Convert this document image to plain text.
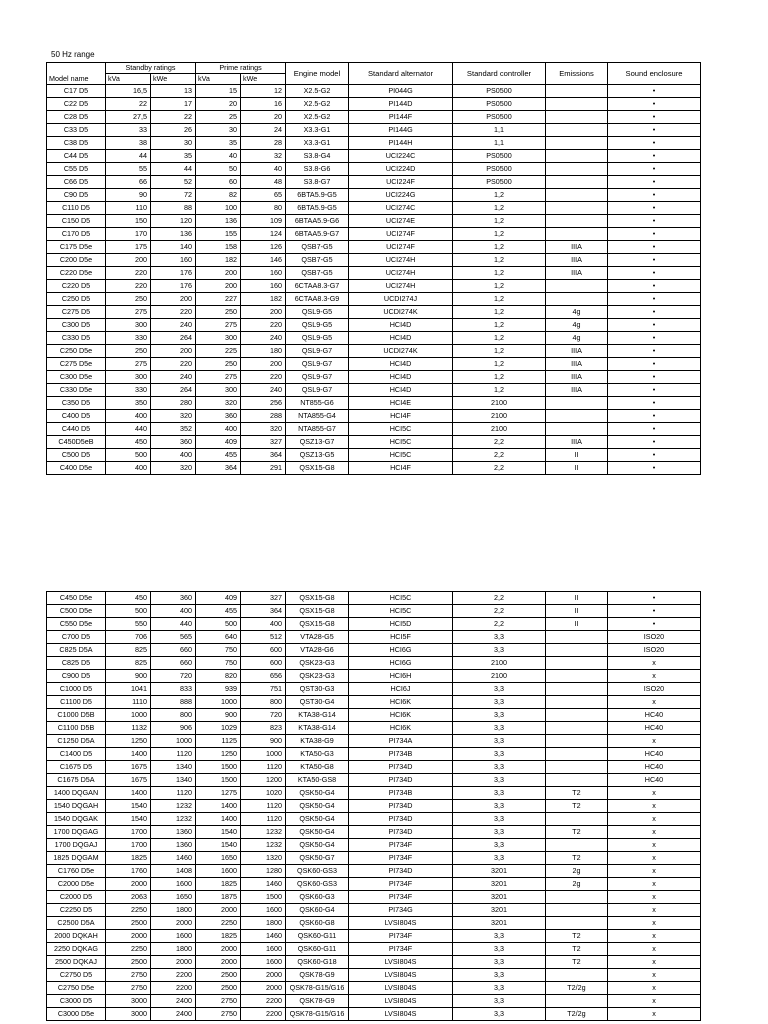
50 Hz range
	Standby ratings		Prime ratings		Engine model	Standard alternator	Standard controller	Emissions	Sound enclosure
Model name	kVa	kWe	kVa	kWe					
C17 D5	16,5	13	15	12	X2.5-G2	PI044G	PS0500		•
C22 D5	22	17	20	16	X2.5-G2	PI144D	PS0500		•
C28 D5	27,5	22	25	20	X2.5-G2	PI144F	PS0500		•
C33 D5	33	26	30	24	X3.3-G1	PI144G	1,1		•
C38 D5	38	30	35	28	X3.3-G1	PI144H	1,1		•
C44 D5	44	35	40	32	S3.8-G4	UCI224C	PS0500		•
C55 D5	55	44	50	40	S3.8-G6	UCI224D	PS0500		•
C66 D5	66	52	60	48	S3.8-G7	UCI224F	PS0500		•
C90 D5	90	72	82	65	6BTA5.9-G5	UCI224G	1,2		•
C110 D5	110	88	100	80	6BTA5.9-G5	UCI274C	1,2		•
C150 D5	150	120	136	109	6BTAA5.9-G6	UCI274E	1,2		•
C170 D5	170	136	155	124	6BTAA5.9-G7	UCI274F	1,2		•
C175 D5e	175	140	158	126	QSB7-G5	UCI274F	1,2	IIIA	•
C200 D5e	200	160	182	146	QSB7-G5	UCI274H	1,2	IIIA	•
C220 D5e	220	176	200	160	QSB7-G5	UCI274H	1,2	IIIA	•
C220 D5	220	176	200	160	6CTAA8.3-G7	UCI274H	1,2		•
C250 D5	250	200	227	182	6CTAA8.3-G9	UCDI274J	1,2		•
C275 D5	275	220	250	200	QSL9-G5	UCDI274K	1,2	4g	•
C300 D5	300	240	275	220	QSL9-G5	HCI4D	1,2	4g	•
C330 D5	330	264	300	240	QSL9-G5	HCI4D	1,2	4g	•
C250 D5e	250	200	225	180	QSL9-G7	UCDI274K	1,2	IIIA	•
C275 D5e	275	220	250	200	QSL9-G7	HCI4D	1,2	IIIA	•
C300 D5e	300	240	275	220	QSL9-G7	HCI4D	1,2	IIIA	•
C330 D5e	330	264	300	240	QSL9-G7	HCI4D	1,2	IIIA	•
C350 D5	350	280	320	256	NT855-G6	HCI4E	2100		•
C400 D5	400	320	360	288	NTA855-G4	HCI4F	2100		•
C440 D5	440	352	400	320	NTA855-G7	HCI5C	2100		•
C450D5eB	450	360	409	327	QSZ13-G7	HCI5C	2,2	IIIA	•
C500 D5	500	400	455	364	QSZ13-G5	HCI5C	2,2	II	•
C400 D5e	400	320	364	291	QSX15-G8	HCI4F	2,2	II	•
C450 D5e	450	360	409	327	QSX15-G8	HCI5C	2,2	II	•
C500 D5e	500	400	455	364	QSX15-G8	HCI5C	2,2	II	•
C550 D5e	550	440	500	400	QSX15-G8	HCI5D	2,2	II	•
C700 D5	706	565	640	512	VTA28-G5	HCI5F	3,3		ISO20
C825 D5A	825	660	750	600	VTA28-G6	HCI6G	3,3		ISO20
C825 D5	825	660	750	600	QSK23-G3	HCI6G	2100		x
C900 D5	900	720	820	656	QSK23-G3	HCI6H	2100		x
C1000 D5	1041	833	939	751	QST30-G3	HCI6J	3,3		ISO20
C1100 D5	1110	888	1000	800	QST30-G4	HCI6K	3,3		x
C1000 D5B	1000	800	900	720	KTA38-G14	HCI6K	3,3		HC40
C1100 D5B	1132	906	1029	823	KTA38-G14	HCI6K	3,3		HC40
C1250 D5A	1250	1000	1125	900	KTA38-G9	PI734A	3,3		x
C1400 D5	1400	1120	1250	1000	KTA50-G3	PI734B	3,3		HC40
C1675 D5	1675	1340	1500	1120	KTA50-G8	PI734D	3,3		HC40
C1675 D5A	1675	1340	1500	1200	KTA50-GS8	PI734D	3,3		HC40
1400 DQGAN	1400	1120	1275	1020	QSK50-G4	PI734B	3,3	T2	x
1540 DQGAH	1540	1232	1400	1120	QSK50-G4	PI734D	3,3	T2	x
1540 DQGAK	1540	1232	1400	1120	QSK50-G4	PI734D	3,3		x
1700 DQGAG	1700	1360	1540	1232	QSK50-G4	PI734D	3,3	T2	x
1700 DQGAJ	1700	1360	1540	1232	QSK50-G4	PI734F	3,3		x
1825 DQGAM	1825	1460	1650	1320	QSK50-G7	PI734F	3,3	T2	x
C1760 D5e	1760	1408	1600	1280	QSK60-GS3	PI734D	3201	2g	x
C2000 D5e	2000	1600	1825	1460	QSK60-GS3	PI734F	3201	2g	x
C2000 D5	2063	1650	1875	1500	QSK60-G3	PI734F	3201		x
C2250 D5	2250	1800	2000	1600	QSK60-G4	PI734G	3201		x
C2500 D5A	2500	2000	2250	1800	QSK60-G8	LVSI804S	3201		x
2000 DQKAH	2000	1600	1825	1460	QSK60-G11	PI734F	3,3	T2	x
2250 DQKAG	2250	1800	2000	1600	QSK60-G11	PI734F	3,3	T2	x
2500 DQKAJ	2500	2000	2000	1600	QSK60-G18	LVSI804S	3,3	T2	x
C2750 D5	2750	2200	2500	2000	QSK78-G9	LVSI804S	3,3		x
C2750 D5e	2750	2200	2500	2000	QSK78-G15/G16	LVSI804S	3,3	T2/2g	x
C3000 D5	3000	2400	2750	2200	QSK78-G9	LVSI804S	3,3		x
C3000 D5e	3000	2400	2750	2200	QSK78-G15/G16	LVSI804S	3,3	T2/2g	x
